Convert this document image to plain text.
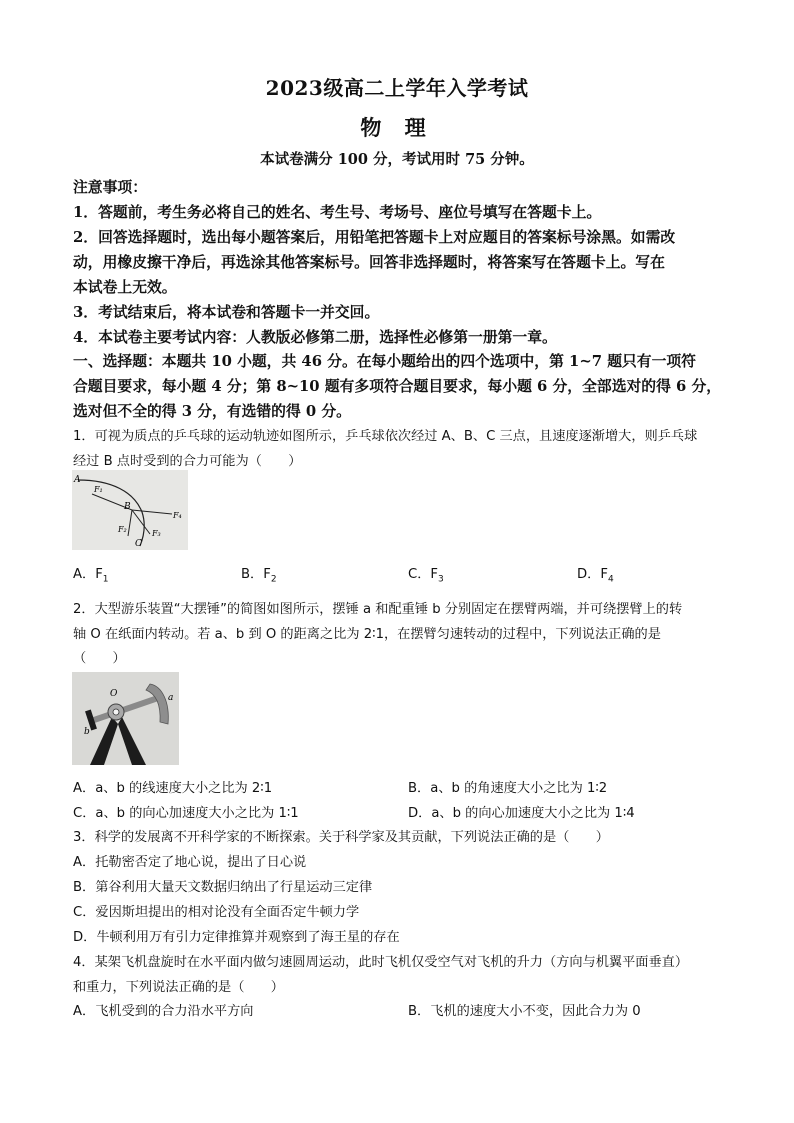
2023级高二上学年入学考试
物 理
本试卷满分 100 分，考试用时 75 分钟。
注意事项：
1．答题前，考生务必将自己的姓名、考生号、考场号、座位号填写在答题卡上。
2．回答选择题时，选出每小题答案后，用铅笔把答题卡上对应题目的答案标号涂黑。如需改
动，用橡皮擦干净后，再选涂其他答案标号。回答非选择题时，将答案写在答题卡上。写在
本试卷上无效。
3．考试结束后，将本试卷和答题卡一并交回。
4．本试卷主要考试内容：人教版必修第二册，选择性必修第一册第一章。
一、选择题：本题共 10 小题，共 46 分。在每小题给出的四个选项中，第 1~7 题只有一项符
合题目要求，每小题 4 分；第 8~10 题有多项符合题目要求，每小题 6 分，全部选对的得 6 分，
选对但不全的得 3 分，有选错的得 0 分。
1．可视为质点的乒乓球的运动轨迹如图所示，乒乓球依次经过 A、B、C 三点，且速度逐渐增大，则乒乓球
经过 B 点时受到的合力可能为（　　）
A
B
C
F₁
F₂	F₃
F₄
A．$F_1$	B．$F_2$	C．$F_3$	D．$F_4$
2．大型游乐装置“大摆锤”的简图如图所示，摆锤 a 和配重锤 b 分别固定在摆臂两端，并可绕摆臂上的转
轴 O 在纸面内转动。若 a、b 到 O 的距离之比为 2∶1，在摆臂匀速转动的过程中，下列说法正确的是
（　　）
O	a
b
A．a、b 的线速度大小之比为 2∶1	B．a、b 的角速度大小之比为 1∶2
C．a、b 的向心加速度大小之比为 1∶1	D．a、b 的向心加速度大小之比为 1∶4
3．科学的发展离不开科学家的不断探索。关于科学家及其贡献，下列说法正确的是（　　）
A．托勒密否定了地心说，提出了日心说
B．第谷利用大量天文数据归纳出了行星运动三定律
C．爱因斯坦提出的相对论没有全面否定牛顿力学
D．牛顿利用万有引力定律推算并观察到了海王星的存在
4．某架飞机盘旋时在水平面内做匀速圆周运动，此时飞机仅受空气对飞机的升力（方向与机翼平面垂直）
和重力，下列说法正确的是（　　）
A．飞机受到的合力沿水平方向	B．飞机的速度大小不变，因此合力为 0
